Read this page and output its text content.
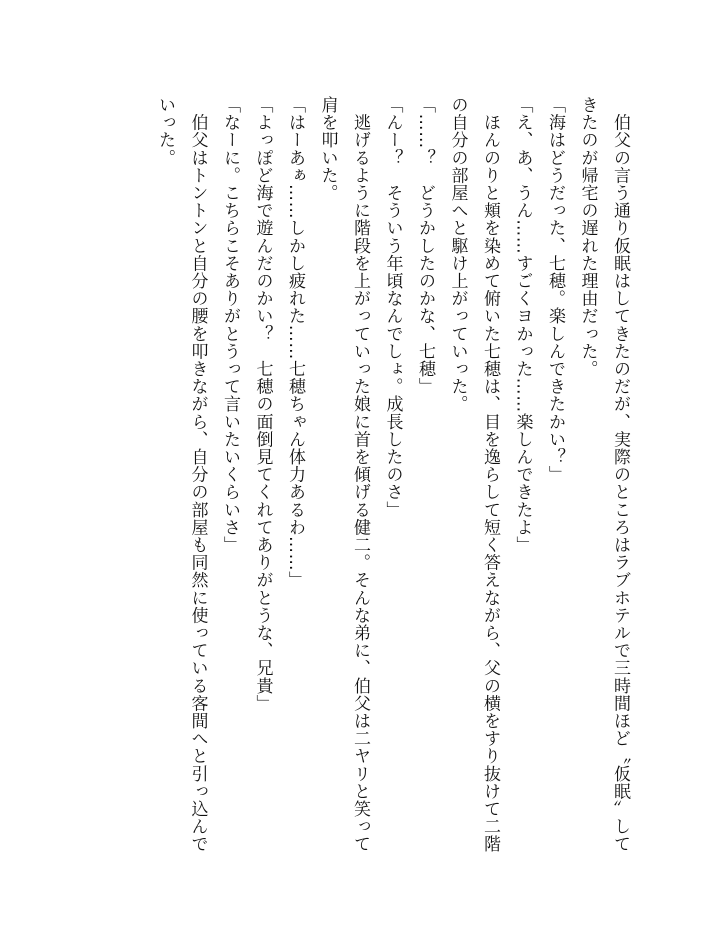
　伯父の言う通り仮眠はしてきたのだが、実際のところはラブホテルで三時間ほど〝仮眠〟して

きたのが帰宅の遅れた理由だった。

「海はどうだった、七穂。楽しんできたかい？」

「え、あ、うん……すごくヨかった……楽しんできたよ」

　ほんのりと頬を染めて俯いた七穂は、目を逸らして短く答えながら、父の横をすり抜けて二階

の自分の部屋へと駆け上がっていった。

「……？　どうかしたのかな、七穂」

「んー？　そういう年頃なんでしょ。成長したのさ」

　逃げるように階段を上がっていった娘に首を傾げる健二。そんな弟に、伯父は二ヤリと笑って

肩を叩いた。

「はーあぁ……しかし疲れた……七穂ちゃん体力あるわ……」

「よっぽど海で遊んだのかい？　七穂の面倒見てくれてありがとうな、兄貴」

「なーに。こちらこそありがとうって言いたいくらいさ」

　伯父はトントンと自分の腰を叩きながら、自分の部屋も同然に使っている客間へと引っ込んで

いった。
